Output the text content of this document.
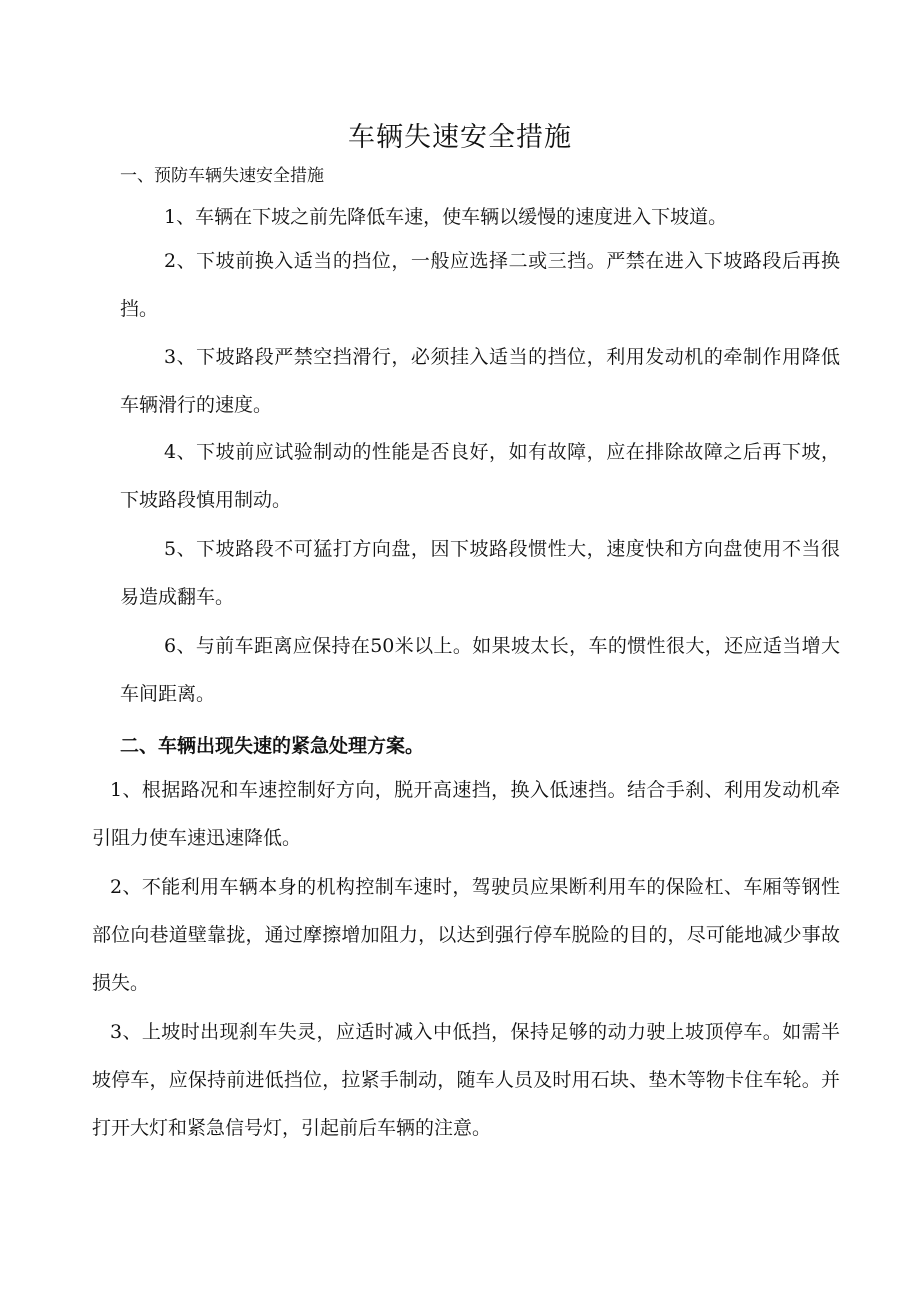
车辆失速安全措施

一、预防车辆失速安全措施

1、车辆在下坡之前先降低车速，使车辆以缓慢的速度进入下坡道。

2、下坡前换入适当的挡位，一般应选择二或三挡。严禁在进入下坡路段后再换挡。

3、下坡路段严禁空挡滑行，必须挂入适当的挡位，利用发动机的牵制作用降低车辆滑行的速度。

4、下坡前应试验制动的性能是否良好，如有故障，应在排除故障之后再下坡，下坡路段慎用制动。

5、下坡路段不可猛打方向盘，因下坡路段惯性大，速度快和方向盘使用不当很易造成翻车。

6、与前车距离应保持在50米以上。如果坡太长，车的惯性很大，还应适当增大车间距离。

二、车辆出现失速的紧急处理方案。

1、根据路况和车速控制好方向，脱开高速挡，换入低速挡。结合手刹、利用发动机牵引阻力使车速迅速降低。

2、不能利用车辆本身的机构控制车速时，驾驶员应果断利用车的保险杠、车厢等钢性部位向巷道壁靠拢，通过摩擦增加阻力，以达到强行停车脱险的目的，尽可能地减少事故损失。

3、上坡时出现刹车失灵，应适时减入中低挡，保持足够的动力驶上坡顶停车。如需半坡停车，应保持前进低挡位，拉紧手制动，随车人员及时用石块、垫木等物卡住车轮。并打开大灯和紧急信号灯，引起前后车辆的注意。
